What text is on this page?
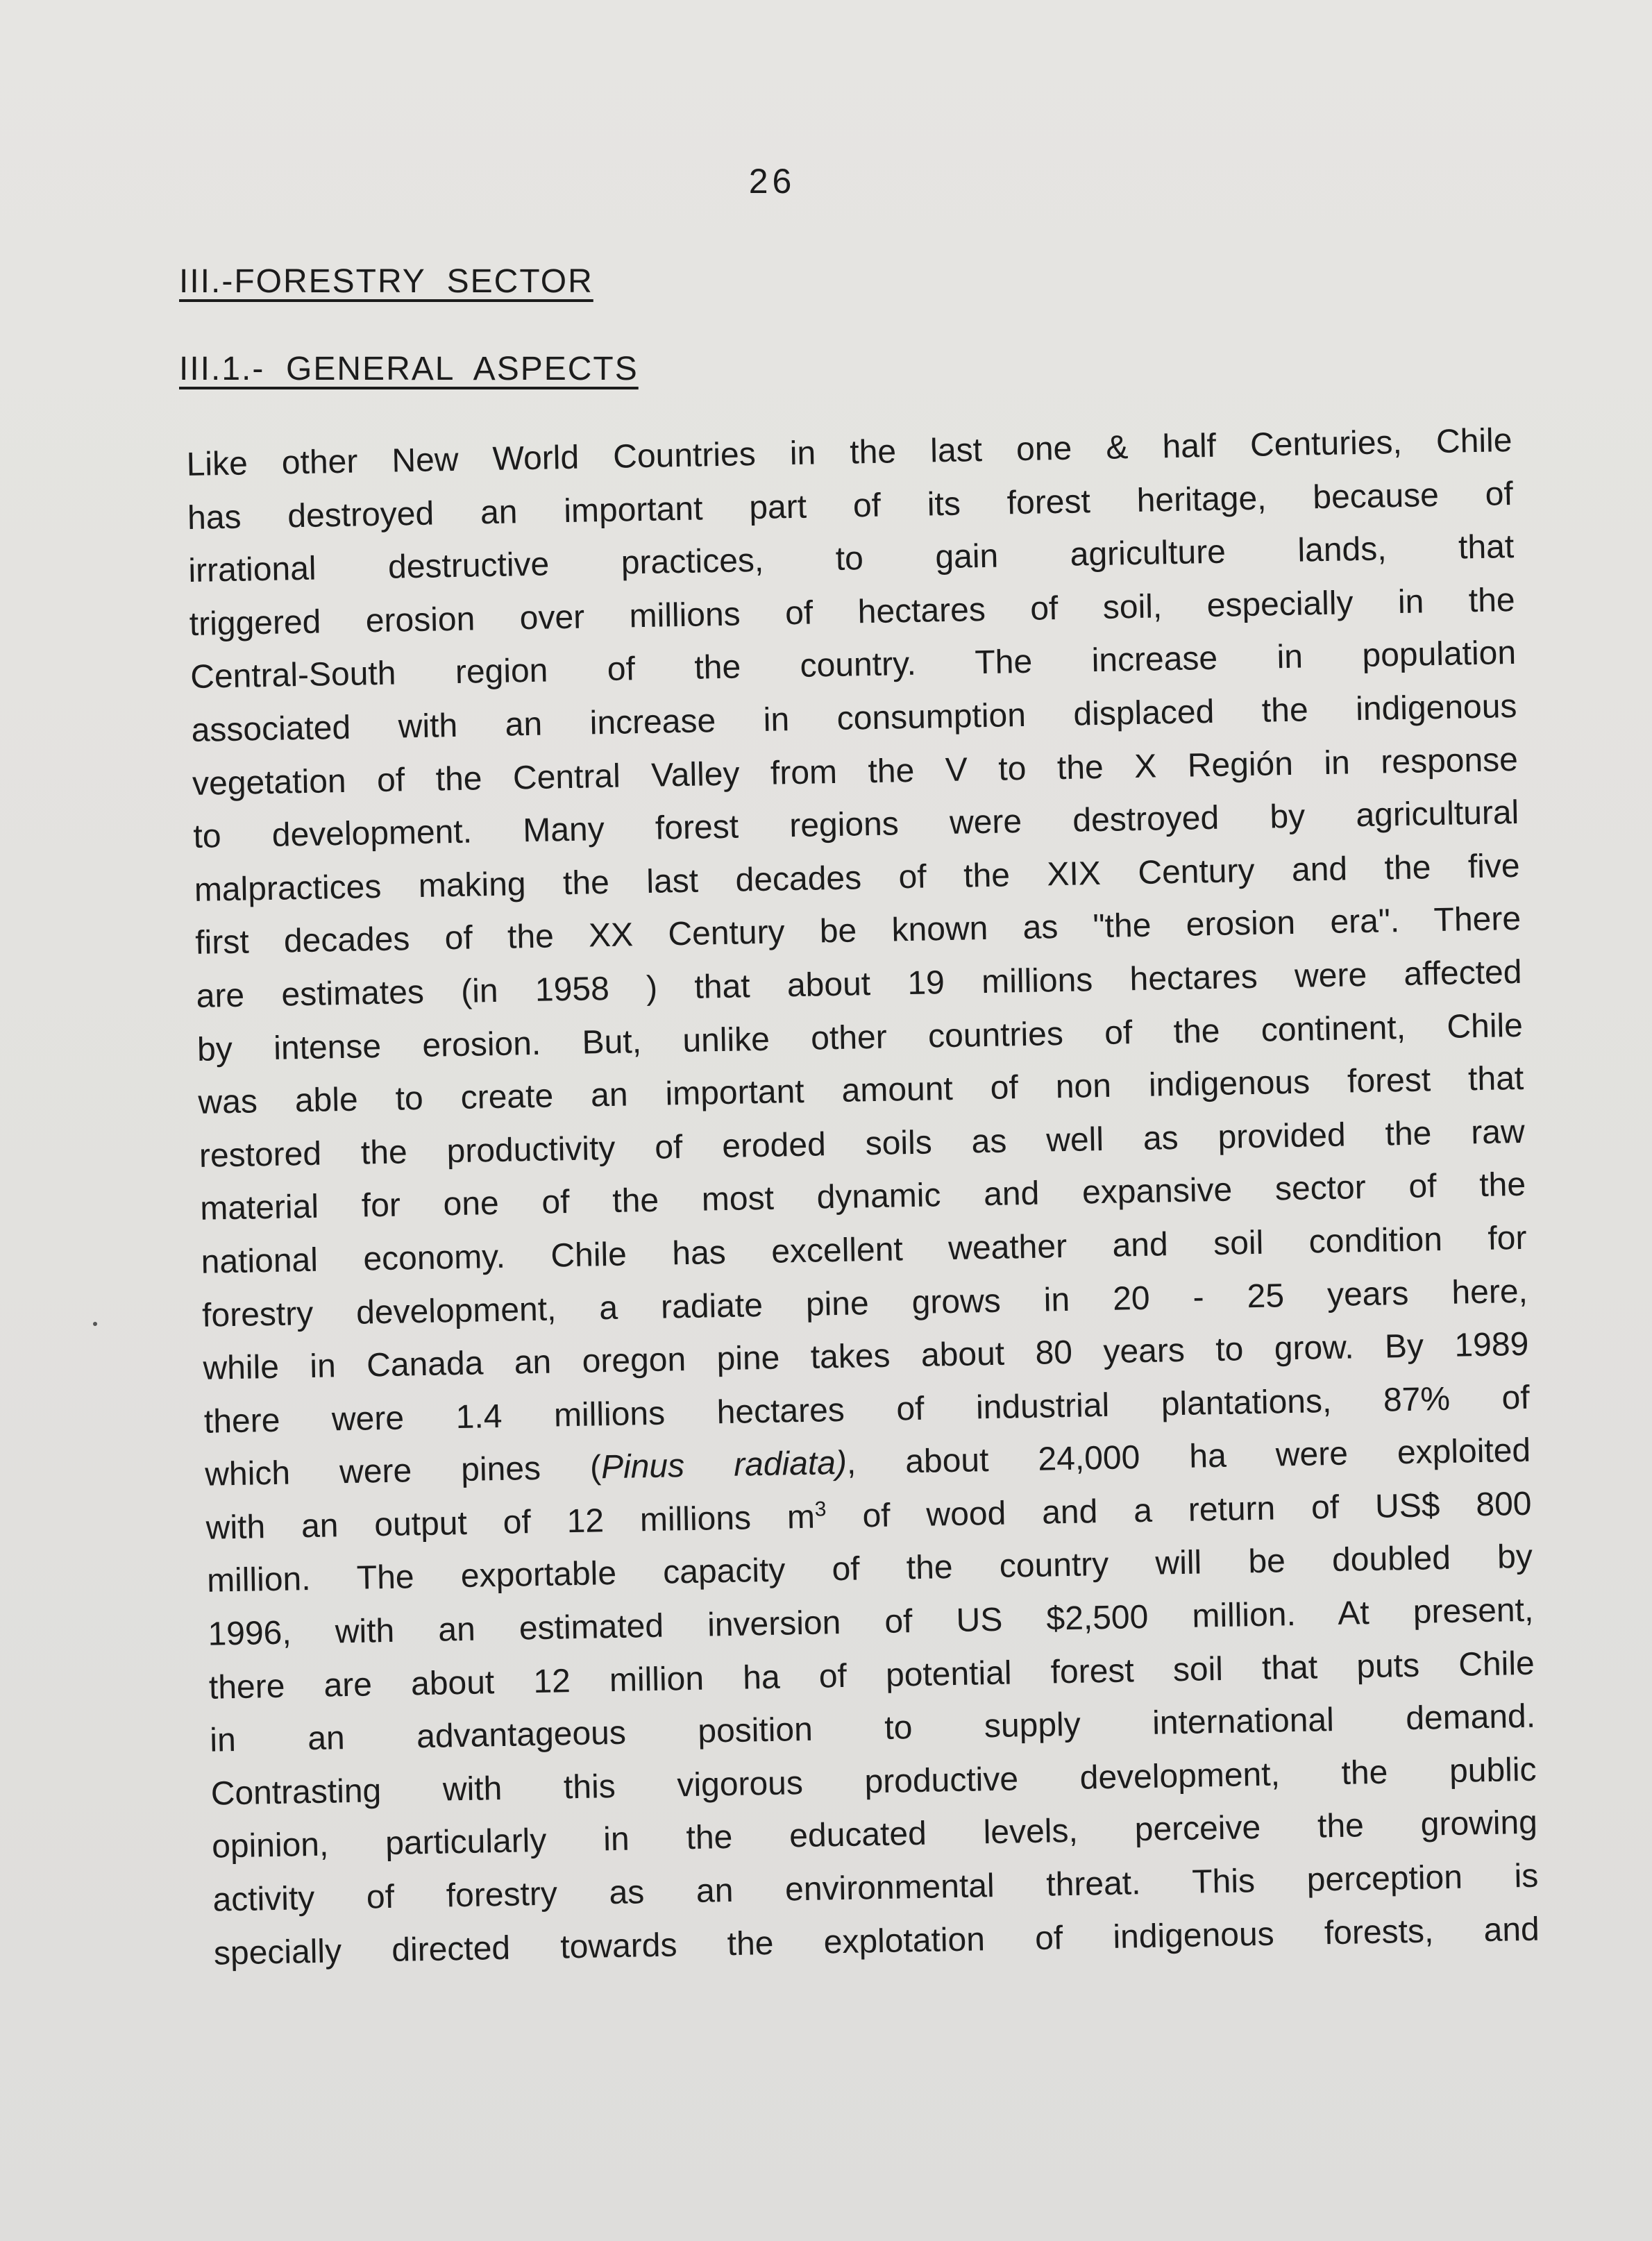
26
III.-FORESTRY  SECTOR
III.1.-  GENERAL  ASPECTS
Like other New World Countries in the last one & half Centuries, Chile
has destroyed an important part of its forest heritage, because of
irrational destructive practices, to gain agriculture lands, that
triggered erosion over millions of hectares of soil, especially in the
Central-South region of the country. The increase in population
associated with an increase in consumption displaced the indigenous
vegetation of the Central Valley from the V to the X Región in response
to development. Many forest regions were destroyed by agricultural
malpractices making the last decades of the XIX Century and the five
first decades of the XX Century be known as "the erosion era". There
are estimates (in 1958 ) that about 19 millions hectares were affected
by intense erosion. But, unlike other countries of the continent, Chile
was able to create an important amount of non indigenous forest that
restored the productivity of eroded soils as well as provided the raw
material for one of the most dynamic and expansive sector of the
national economy. Chile has excellent weather and soil condition for
forestry development, a radiate pine grows in 20 - 25 years here,
while in Canada an oregon pine takes about 80 years to grow. By 1989
there were 1.4 millions hectares of industrial plantations, 87% of
which were pines (Pinus radiata), about 24,000 ha were exploited
with an output of 12 millions $m^3$ of wood and a return of US$ 800
million. The exportable capacity of the country will be doubled by
1996, with an estimated inversion of US $2,500 million. At present,
there are about 12 million ha of potential forest soil that puts Chile
in an advantageous position to supply international demand.
Contrasting with this vigorous productive development, the public
opinion, particularly in the educated levels, perceive the growing
activity of forestry as an environmental threat. This perception is
specially directed towards the explotation of indigenous forests, and
